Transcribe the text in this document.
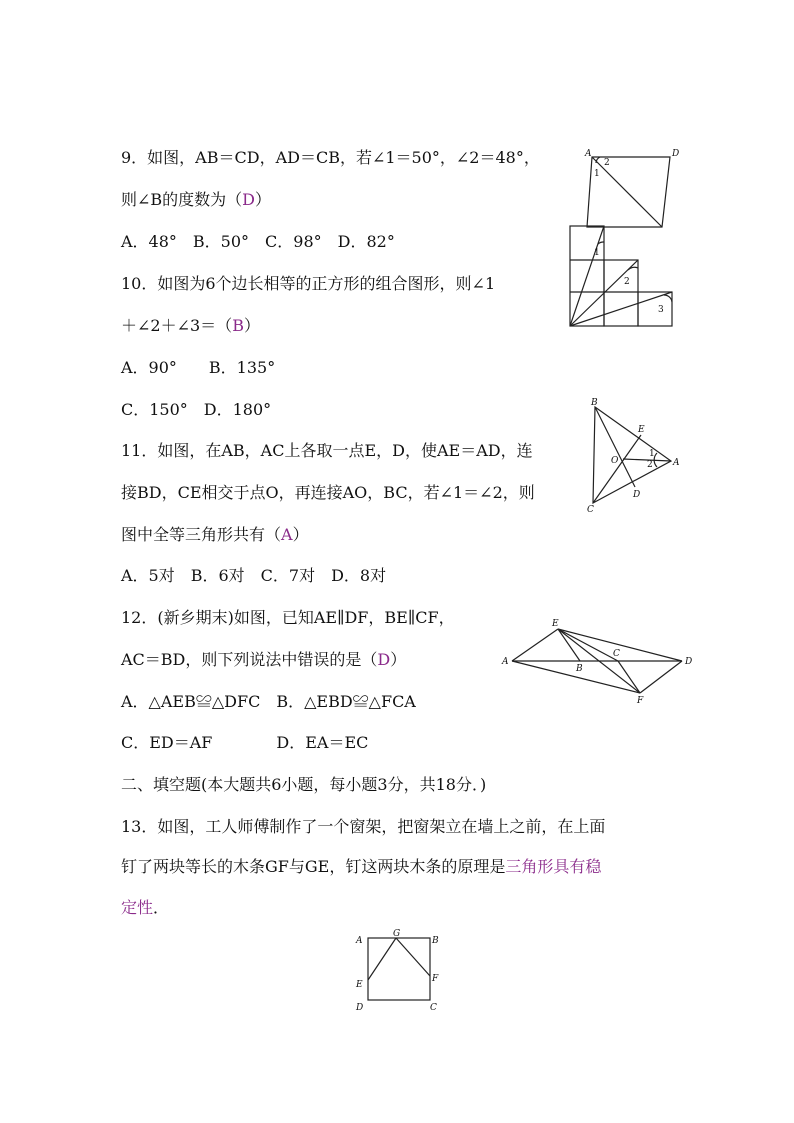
9．如图，AB＝CD，AD＝CB，若∠1＝50°，∠2＝48°，
则∠B的度数为（D）
A．48°　B．50°　C．98°　D．82°
A	D
2
1
10．如图为6个边长相等的正方形的组合图形，则∠1
＋∠2＋∠3＝（B）
A．90°　　B．135°
C．150°　D．180°
1
2
3
11．如图，在AB，AC上各取一点E，D，使AE＝AD，连
接BD，CE相交于点O，再连接AO，BC，若∠1＝∠2，则
图中全等三角形共有（A）
A．5对　B．6对　C．7对　D．8对
B
E
O	A
D
C
1
2
12．(新乡期末)如图，已知AE∥DF，BE∥CF，
AC＝BD，则下列说法中错误的是（D）
A．△AEB≌△DFC　B．△EBD≌△FCA
C．ED＝AF　　　　D．EA＝EC
E
A
B
C
D
F
二、填空题(本大题共6小题，每小题3分，共18分．)
13．如图，工人师傅制作了一个窗架，把窗架立在墙上之前，在上面
钉了两块等长的木条GF与GE，钉这两块木条的原理是三角形具有稳
定性．
A
G
B
E
F
D	C
